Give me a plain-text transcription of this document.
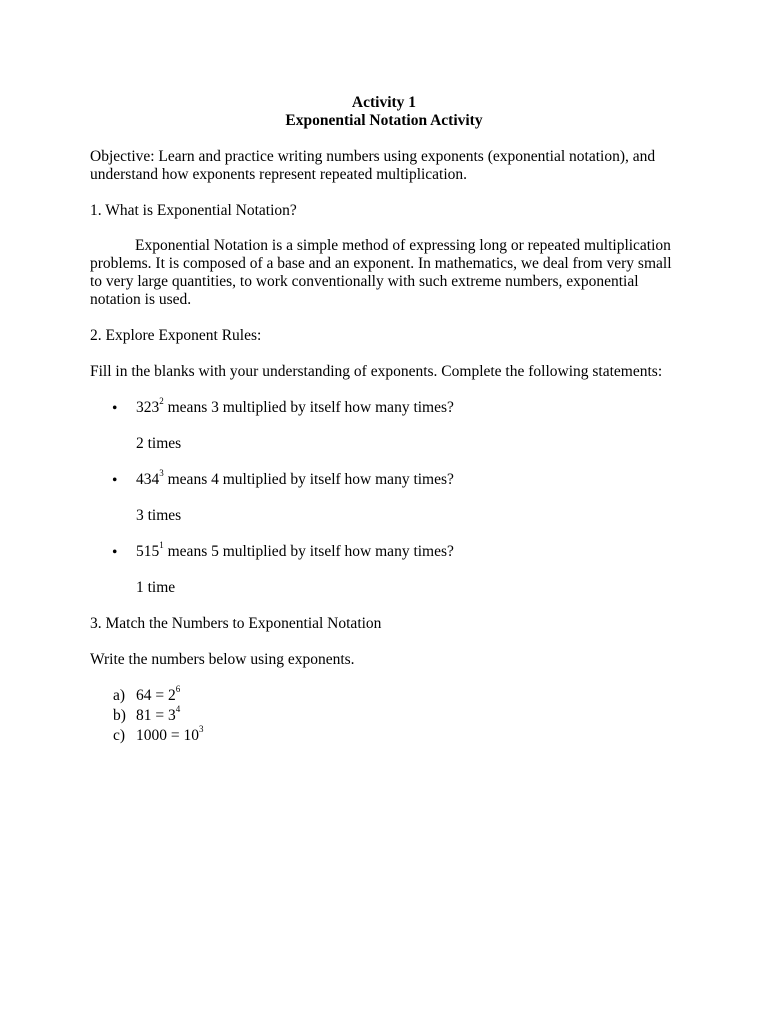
Activity 1
Exponential Notation Activity

Objective: Learn and practice writing numbers using exponents (exponential notation), and understand how exponents represent repeated multiplication.

1. What is Exponential Notation?

Exponential Notation is a simple method of expressing long or repeated multiplication problems. It is composed of a base and an exponent. In mathematics, we deal from very small to very large quantities, to work conventionally with such extreme numbers, exponential notation is used.

2. Explore Exponent Rules:

Fill in the blanks with your understanding of exponents. Complete the following statements:

• $323^2$ means 3 multiplied by itself how many times?
2 times
• $434^3$ means 4 multiplied by itself how many times?
3 times
• $515^1$ means 5 multiplied by itself how many times?
1 time

3. Match the Numbers to Exponential Notation

Write the numbers below using exponents.

a) $64 = 2^6$
b) $81 = 3^4$
c) $1000 = 10^3$
